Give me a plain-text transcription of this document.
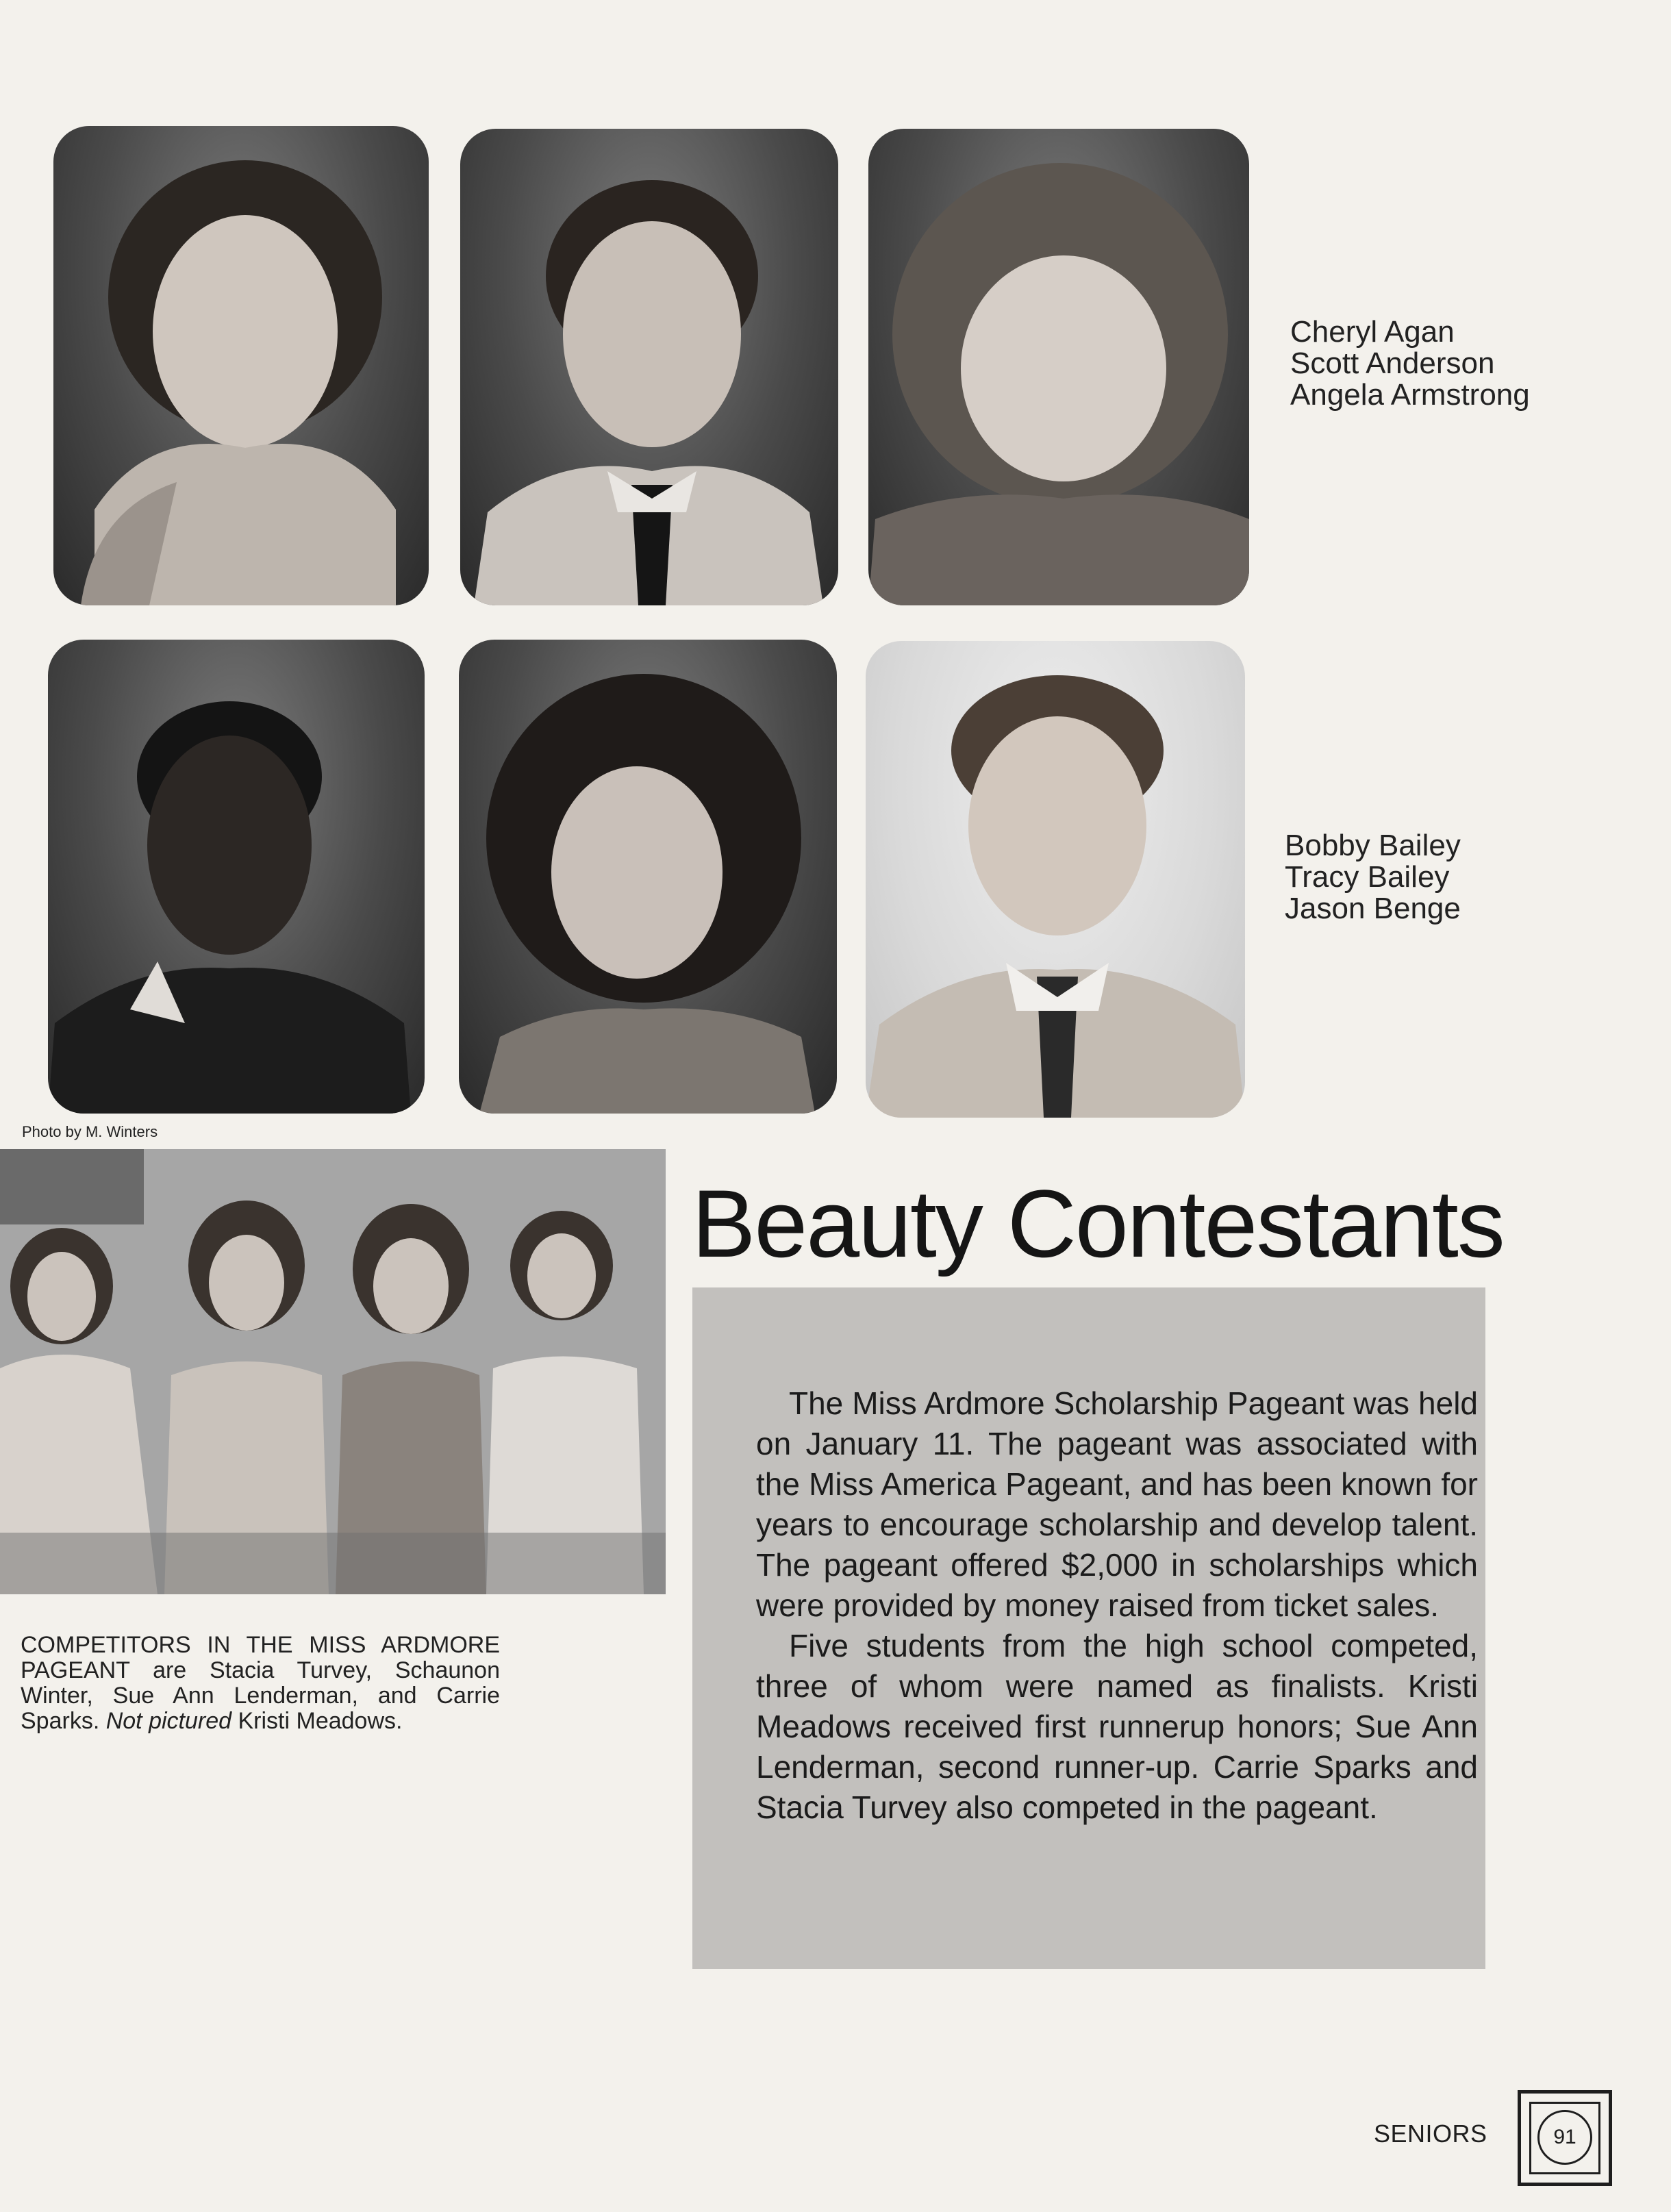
Cheryl Agan
Scott Anderson
Angela Armstrong
Bobby Bailey
Tracy Bailey
Jason Benge
Photo by M. Winters
COMPETITORS IN THE MISS ARDMORE PAGEANT are Stacia Turvey, Schaunon Winter, Sue Ann Lenderman, and Carrie Sparks. Not pictured Kristi Meadows.
Beauty Contestants

The Miss Ardmore Scholarship Pageant was held on January 11. The pageant was associated with the Miss America Pageant, and has been known for years to encourage scholarship and develop talent. The pageant offered $2,000 in scholarships which were provided by money raised from ticket sales.

Five students from the high school competed, three of whom were named as finalists. Kristi Meadows received first runnerup honors; Sue Ann Lenderman, second runner-up. Carrie Sparks and Stacia Turvey also competed in the pageant.

SENIORS	91
